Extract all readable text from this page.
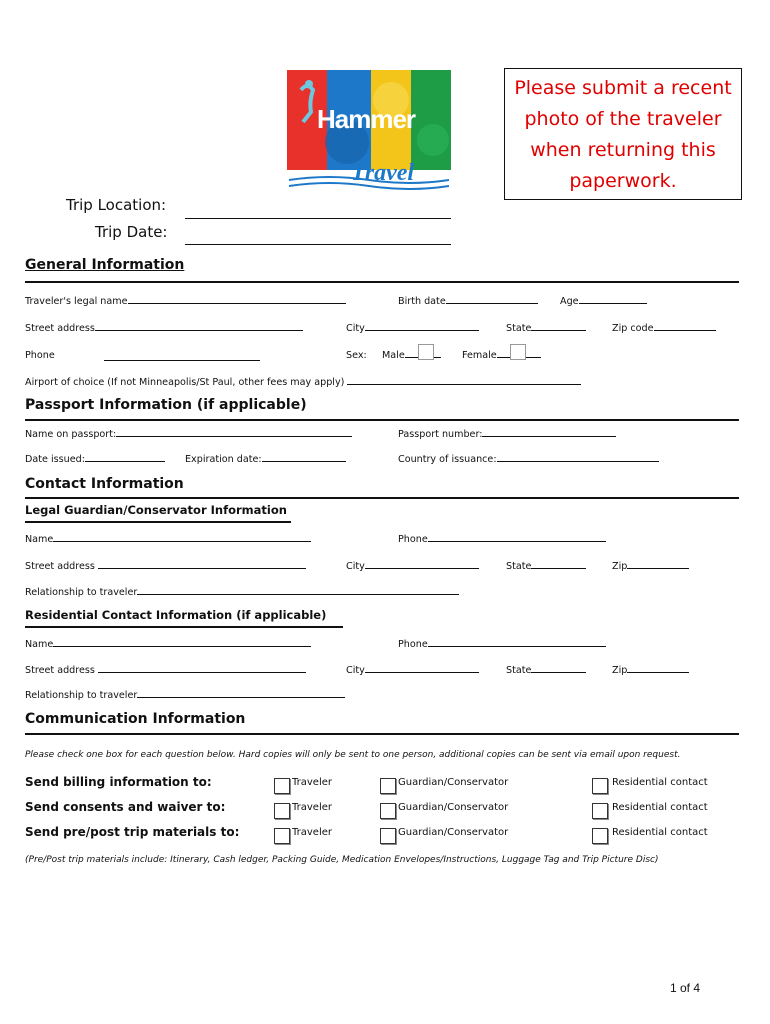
Hammer
Travel
Please submit a recent photo of the traveler when returning this paperwork.
Trip Location:
Trip Date:
General Information
Traveler's legal name	Birth date	Age
Street address	City	State	Zip code
Phone	Sex: Male	Female
Airport of choice (If not Minneapolis/St Paul, other fees may apply)
Passport Information (if applicable)
Name on passport:	Passport number:
Date issued:	Expiration date:	Country of issuance:
Contact Information
Legal Guardian/Conservator Information
Name	Phone
Street address	City	State	Zip
Relationship to traveler
Residential Contact Information (if applicable)
Name	Phone
Street address	City	State	Zip
Relationship to traveler
Communication Information
Please check one box for each question below. Hard copies will only be sent to one person, additional copies can be sent via email upon request.
Send billing information to:	Traveler	Guardian/Conservator	Residential contact
Send consents and waiver to:	Traveler	Guardian/Conservator	Residential contact
Send pre/post trip materials to:	Traveler	Guardian/Conservator	Residential contact
(Pre/Post trip materials include: Itinerary, Cash ledger, Packing Guide, Medication Envelopes/Instructions, Luggage Tag and Trip Picture Disc)
1 of 4
